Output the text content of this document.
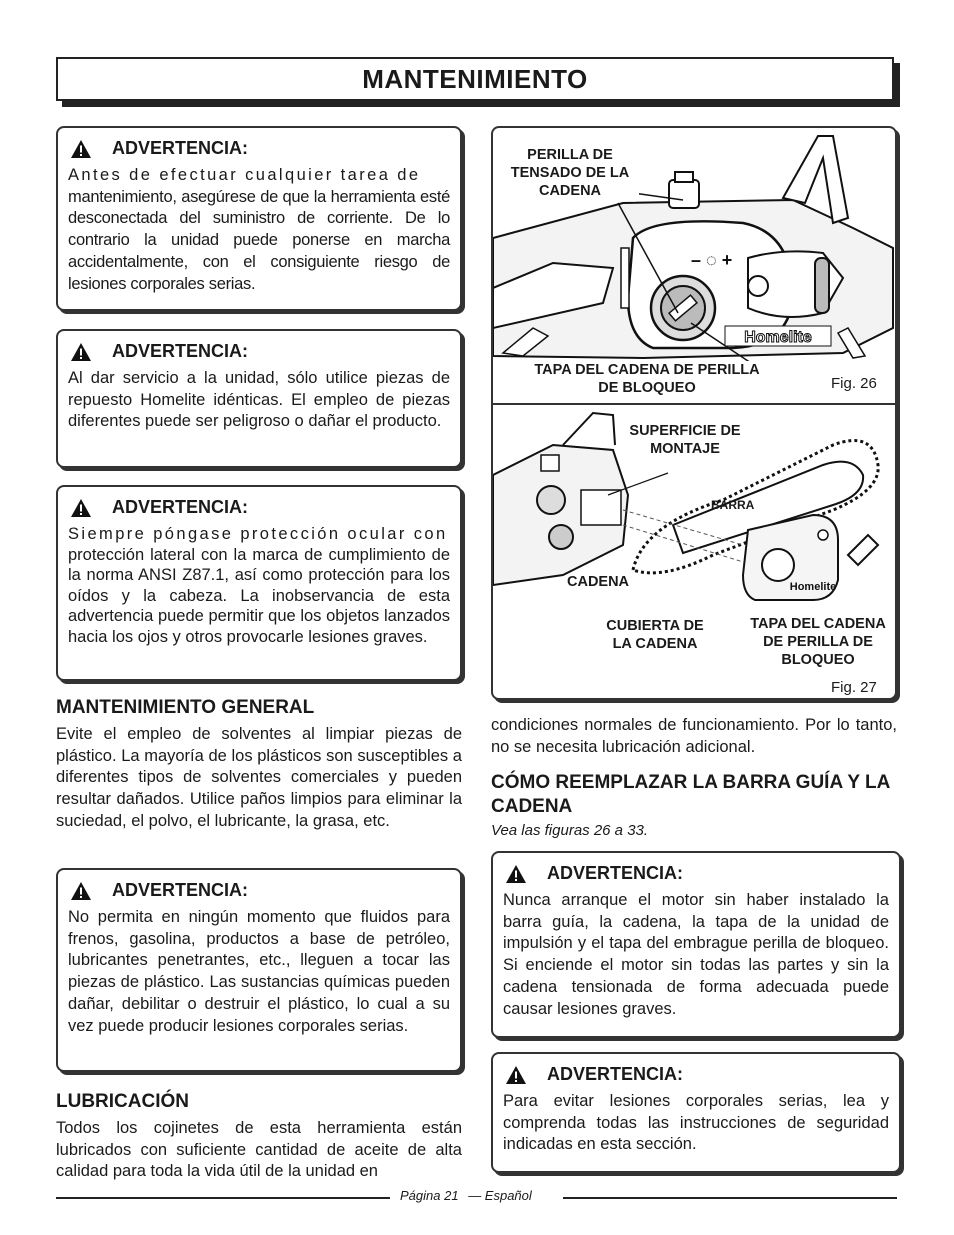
MANTENIMIENTO
ADVERTENCIA:
Antes de efectuar cualquier tarea de
mantenimiento, asegúrese de que la herramienta esté desconectada del suministro de corriente. De lo contrario la unidad puede ponerse en marcha accidentalmente, con el consiguiente riesgo de lesiones corporales serias.
ADVERTENCIA:
Al dar servicio a la unidad, sólo utilice piezas de repuesto Homelite idénticas. El empleo de piezas diferentes puede ser peligroso o dañar el producto.
ADVERTENCIA:
Siempre póngase protección ocular con
protección lateral con la marca de cumplimiento de la norma ANSI Z87.1, así como protección para los oídos y la cabeza. La inobservancia de esta advertencia puede permitir que los objetos lanzados hacia los ojos y otros provocarle lesiones graves.
MANTENIMIENTO GENERAL

Evite el empleo de solventes al limpiar piezas de plástico. La mayoría de los plásticos son susceptibles a diferentes tipos de solventes comerciales y pueden resultar dañados. Utilice paños limpios para eliminar la suciedad, el polvo, el lubricante, la grasa, etc.

ADVERTENCIA:
No permita en ningún momento que fluidos para frenos, gasolina, productos a base de petróleo, lubricantes penetrantes, etc., lleguen a tocar las piezas de plástico. Las sustancias químicas pueden dañar, debilitar o destruir el plástico, lo cual a su vez puede producir lesiones corporales serias.
LUBRICACIÓN

Todos los cojinetes de esta herramienta están lubricados con suficiente cantidad de aceite de alta calidad para toda la vida útil de la unidad en

– ◌ +
Homelite
PERILLA DE TENSADO DE LA CADENA
TAPA DEL CADENA DE PERILLA DE BLOQUEO	Fig. 26
Homelite
SUPERFICIE DE MONTAJE
BARRA
CADENA
CUBIERTA DE LA CADENA
TAPA DEL CADENA DE PERILLA DE BLOQUEO
Fig. 27

condiciones normales de funcionamiento. Por lo tanto, no se necesita lubricación adicional.

CÓMO REEMPLAZAR LA BARRA GUÍA Y LA CADENA
Vea las figuras 26 a 33.
ADVERTENCIA:
Nunca arranque el motor sin haber instalado la barra guía, la cadena, la tapa de la unidad de impulsión y el tapa del embrague perilla de bloqueo. Si enciende el motor sin todas las partes y sin la cadena tensionada de forma adecuada puede causar lesiones graves.
ADVERTENCIA:
Para evitar lesiones corporales serias, lea y comprenda todas las instrucciones de seguridad indicadas en esta sección.
Página 21 — Español
